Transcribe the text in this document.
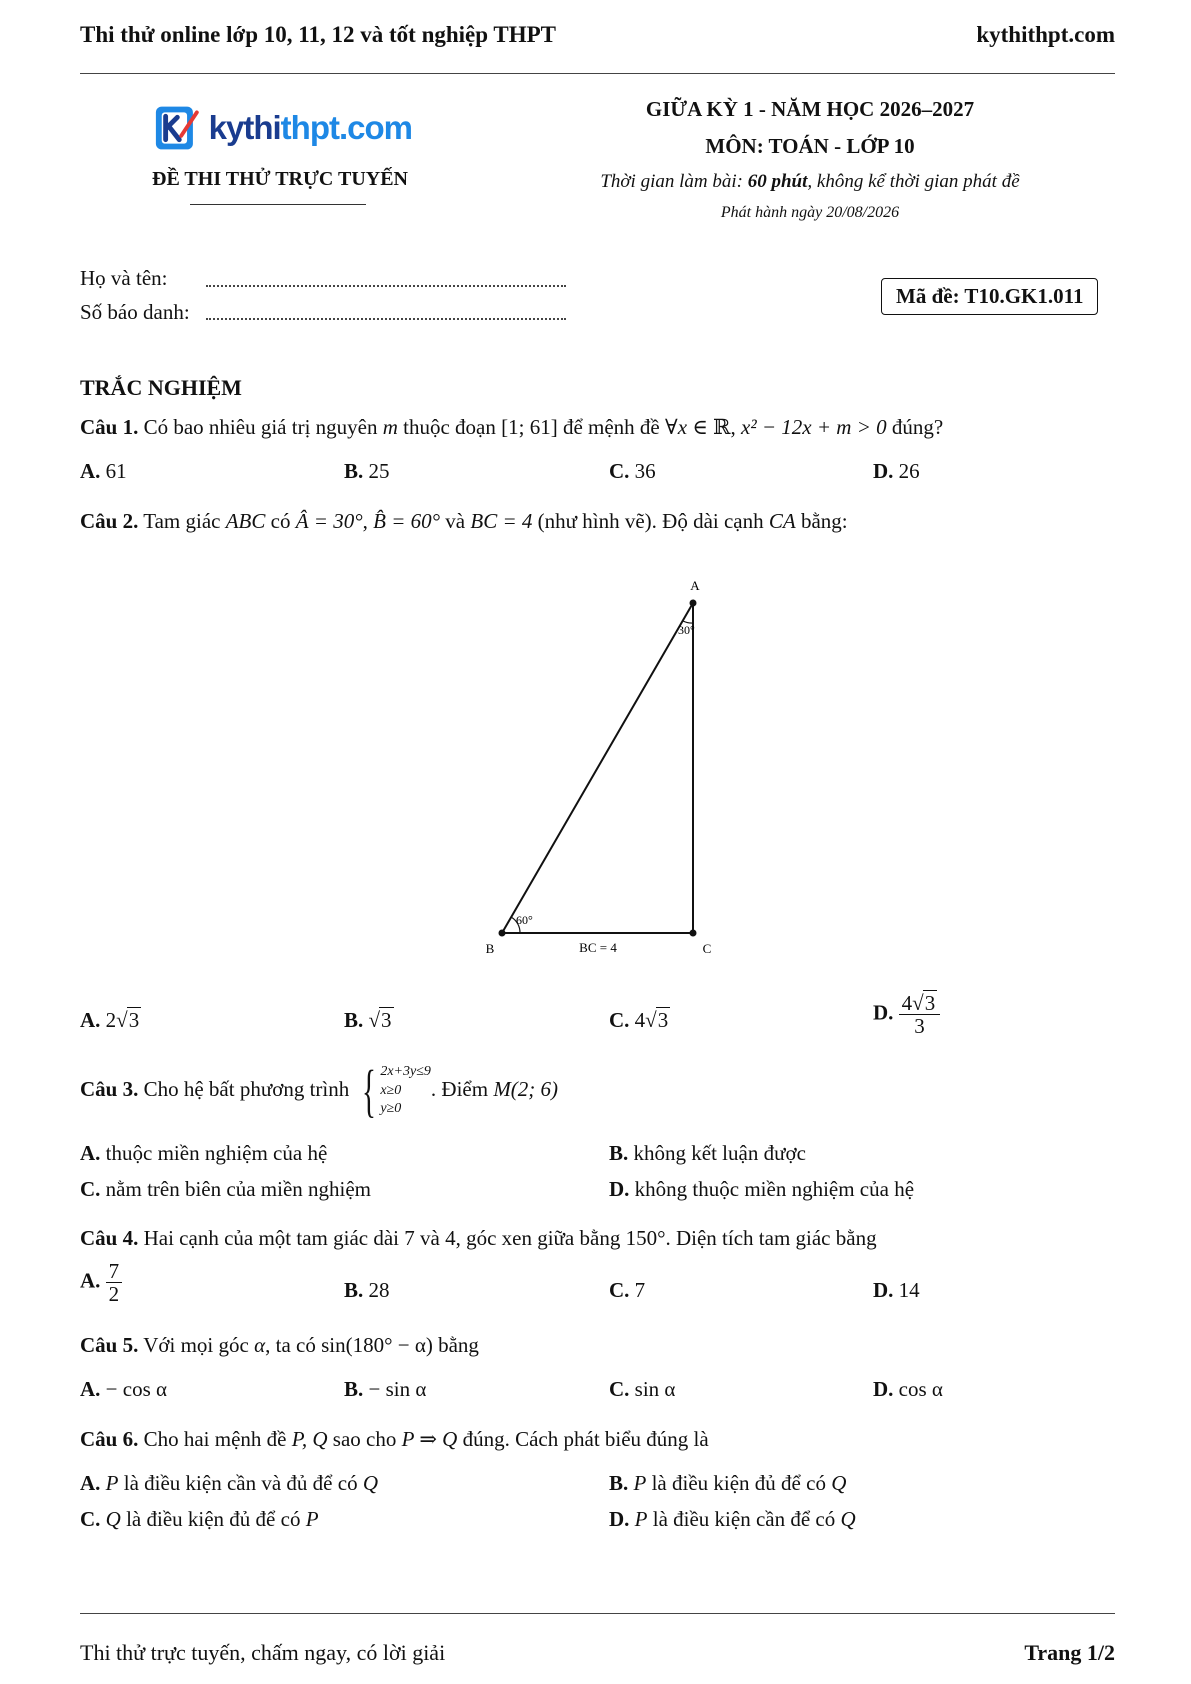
Thi thử online lớp 10, 11, 12 và tốt nghiệp THPT	kythithpt.com
kythithpt.com
ĐỀ THI THỬ TRỰC TUYẾN
GIỮA KỲ 1 - NĂM HỌC 2026–2027
MÔN: TOÁN - LỚP 10
Thời gian làm bài: 60 phút, không kể thời gian phát đề
Phát hành ngày 20/08/2026
Họ và tên:
Số báo danh:
Mã đề: T10.GK1.011
TRẮC NGHIỆM
Câu 1. Có bao nhiêu giá trị nguyên m thuộc đoạn [1; 61] để mệnh đề ∀x ∈ ℝ, x² − 12x + m > 0 đúng?
A. 61	B. 25	C. 36	D. 26
Câu 2. Tam giác ABC có Â = 30°, B̂ = 60° và BC = 4 (như hình vẽ). Độ dài cạnh CA bằng:
A
B	C
30°
60°
BC = 4
A. 2√3	B. √3	C. 4√3	D. $\frac{4√3}{3}$
Câu 3. Cho hệ bất phương trình { 2x+3y≤9
x≥0
y≥0
. Điểm M(2; 6)
A. thuộc miền nghiệm của hệ	B. không kết luận được
C. nằm trên biên của miền nghiệm	D. không thuộc miền nghiệm của hệ
Câu 4. Hai cạnh của một tam giác dài 7 và 4, góc xen giữa bằng 150°. Diện tích tam giác bằng
A. $\frac{7}{2}$	B. 28	C. 7	D. 14
Câu 5. Với mọi góc α, ta có sin(180° − α) bằng
A. − cos α	B. − sin α	C. sin α	D. cos α
Câu 6. Cho hai mệnh đề P, Q sao cho P ⇒ Q đúng. Cách phát biểu đúng là
A. P là điều kiện cần và đủ để có Q	B. P là điều kiện đủ để có Q
C. Q là điều kiện đủ để có P	D. P là điều kiện cần để có Q
Thi thử trực tuyến, chấm ngay, có lời giải	Trang 1/2
